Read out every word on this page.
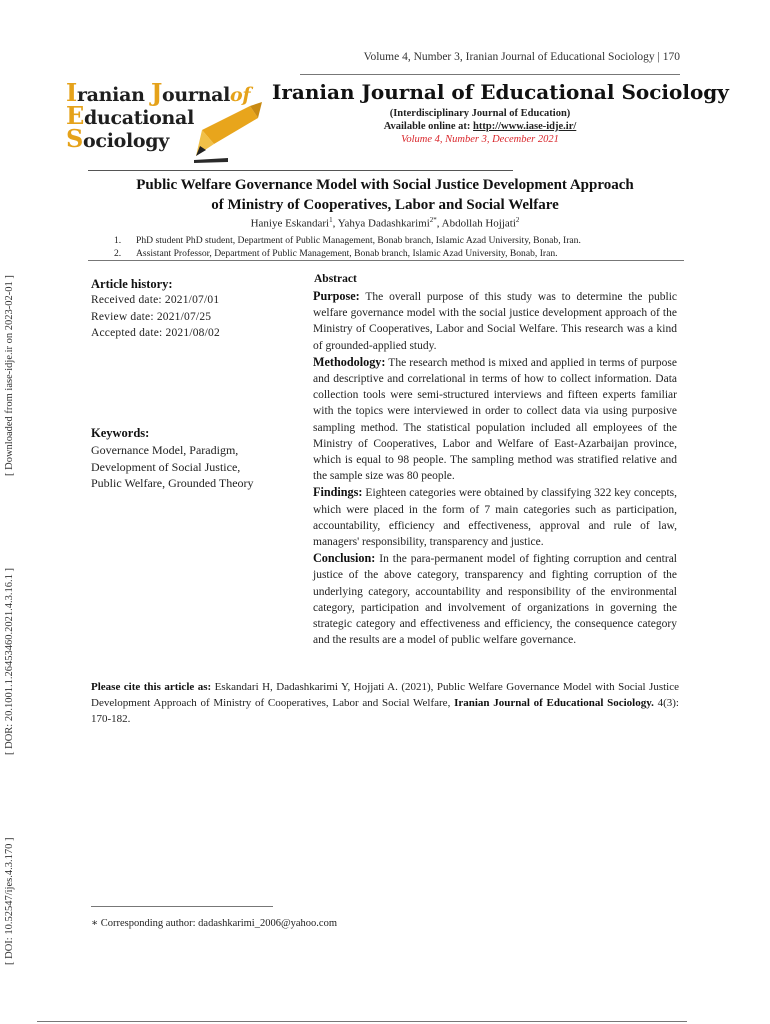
Volume 4, Number 3, Iranian Journal of Educational Sociology | 170
Iranian Journalof
Educational
Sociology
Iranian Journal of Educational Sociology
(Interdisciplinary Journal of Education)
Available online at: http://www.iase-idje.ir/
Volume 4, Number 3, December 2021
Public Welfare Governance Model with Social Justice Development Approach
of Ministry of Cooperatives, Labor and Social Welfare
Haniye Eskandari$^1$, Yahya Dadashkarimi$^{2*}$, Abdollah Hojjati$^2$
1. PhD student PhD student, Department of Public Management, Bonab branch, Islamic Azad University, Bonab, Iran.
2. Assistant Professor, Department of Public Management, Bonab branch, Islamic Azad University, Bonab, Iran.
Article history:
Received date: 2021/07/01
Review date: 2021/07/25
Accepted date: 2021/08/02
Keywords:
Governance Model, Paradigm,
Development of Social Justice,
Public Welfare, Grounded Theory
Abstract

Purpose: The overall purpose of this study was to determine the public welfare governance model with the social justice development approach of the Ministry of Cooperatives, Labor and Social Welfare. This research was a kind of grounded-applied study.

Methodology: The research method is mixed and applied in terms of purpose and descriptive and correlational in terms of how to collect information. Data collection tools were semi-structured interviews and fifteen experts familiar with the topics were interviewed in order to collect data via using purposive sampling method. The statistical population included all employees of the Ministry of Cooperatives, Labor and Welfare of East-Azarbaijan province, which is equal to 98 people. The sampling method was stratified relative and the sample size was 80 people.

Findings: Eighteen categories were obtained by classifying 322 key concepts, which were placed in the form of 7 main categories such as participation, accountability, efficiency and effectiveness, approval and rule of law, managers' responsibility, transparency and justice.

Conclusion: In the para-permanent model of fighting corruption and central justice of the above category, transparency and fighting corruption of the underlying category, accountability and responsibility of the environmental category, participation and involvement of organizations in governing the strategic category and effectiveness and efficiency, the consequence category and the results are a model of public welfare governance.

Please cite this article as: Eskandari H, Dadashkarimi Y, Hojjati A. (2021), Public Welfare Governance Model with Social Justice Development Approach of Ministry of Cooperatives, Labor and Social Welfare, Iranian Journal of Educational Sociology. 4(3): 170-182.
∗ Corresponding author: dadashkarimi_2006@yahoo.com
[ Downloaded from iase-idje.ir on 2023-02-01 ]
[ DOR: 20.1001.1.26453460.2021.4.3.16.1 ]
[ DOI: 10.52547/ijes.4.3.170 ]
